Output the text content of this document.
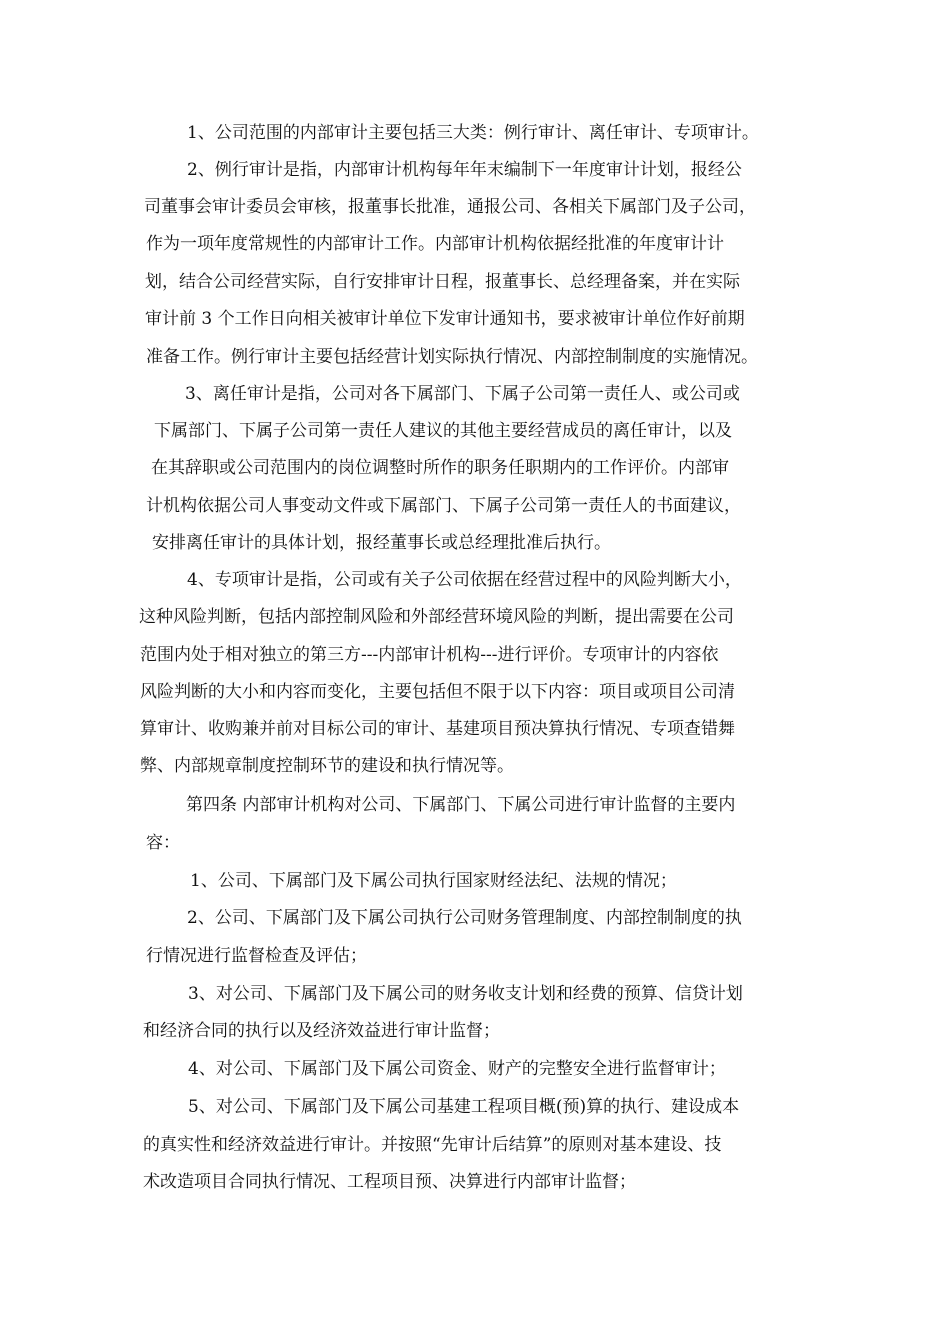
1、公司范围的内部审计主要包括三大类：例行审计、离任审计、专项审计。
2、例行审计是指，内部审计机构每年年末编制下一年度审计计划，报经公
司董事会审计委员会审核，报董事长批准，通报公司、各相关下属部门及子公司，
作为一项年度常规性的内部审计工作。内部审计机构依据经批准的年度审计计
划，结合公司经营实际，自行安排审计日程，报董事长、总经理备案，并在实际
审计前 3 个工作日向相关被审计单位下发审计通知书，要求被审计单位作好前期
准备工作。例行审计主要包括经营计划实际执行情况、内部控制制度的实施情况。
3、离任审计是指，公司对各下属部门、下属子公司第一责任人、或公司或
下属部门、下属子公司第一责任人建议的其他主要经营成员的离任审计，以及
在其辞职或公司范围内的岗位调整时所作的职务任职期内的工作评价。内部审
计机构依据公司人事变动文件或下属部门、下属子公司第一责任人的书面建议，
安排离任审计的具体计划，报经董事长或总经理批准后执行。
4、专项审计是指，公司或有关子公司依据在经营过程中的风险判断大小，
这种风险判断，包括内部控制风险和外部经营环境风险的判断，提出需要在公司
范围内处于相对独立的第三方---内部审计机构---进行评价。专项审计的内容依
风险判断的大小和内容而变化，主要包括但不限于以下内容：项目或项目公司清
算审计、收购兼并前对目标公司的审计、基建项目预决算执行情况、专项查错舞
弊、内部规章制度控制环节的建设和执行情况等。
第四条 内部审计机构对公司、下属部门、下属公司进行审计监督的主要内
容：
1、公司、下属部门及下属公司执行国家财经法纪、法规的情况；
2、公司、下属部门及下属公司执行公司财务管理制度、内部控制制度的执
行情况进行监督检查及评估；
3、对公司、下属部门及下属公司的财务收支计划和经费的预算、信贷计划
和经济合同的执行以及经济效益进行审计监督；
4、对公司、下属部门及下属公司资金、财产的完整安全进行监督审计；
5、对公司、下属部门及下属公司基建工程项目概(预)算的执行、建设成本
的真实性和经济效益进行审计。并按照“先审计后结算”的原则对基本建设、技
术改造项目合同执行情况、工程项目预、决算进行内部审计监督；
